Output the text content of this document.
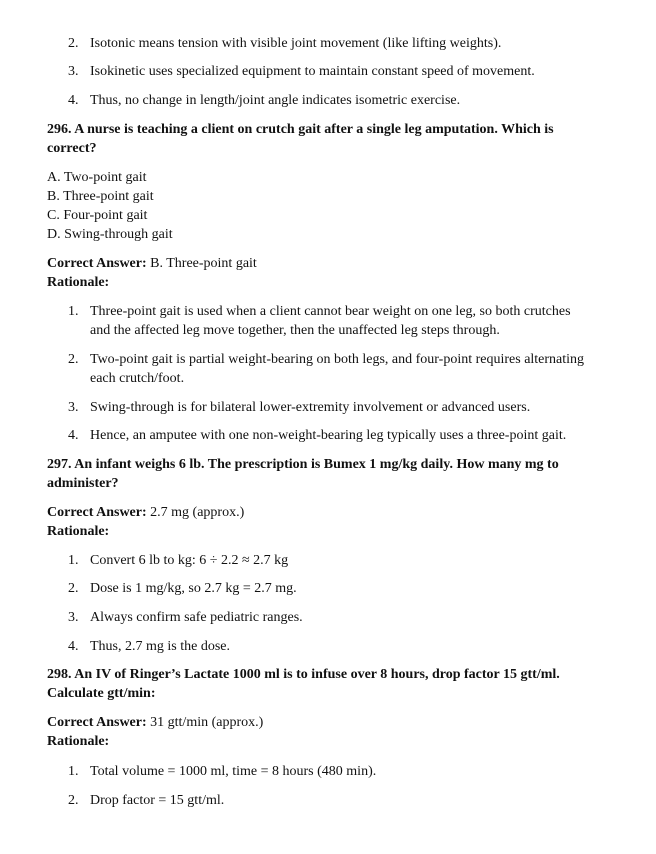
2. Isotonic means tension with visible joint movement (like lifting weights).
3. Isokinetic uses specialized equipment to maintain constant speed of movement.
4. Thus, no change in length/joint angle indicates isometric exercise.
296. A nurse is teaching a client on crutch gait after a single leg amputation. Which is
correct?
A. Two-point gait
B. Three-point gait
C. Four-point gait
D. Swing-through gait
Correct Answer: B. Three-point gait
Rationale:
1. Three-point gait is used when a client cannot bear weight on one leg, so both crutches
and the affected leg move together, then the unaffected leg steps through.
2. Two-point gait is partial weight-bearing on both legs, and four-point requires alternating
each crutch/foot.
3. Swing-through is for bilateral lower-extremity involvement or advanced users.
4. Hence, an amputee with one non-weight-bearing leg typically uses a three-point gait.
297. An infant weighs 6 lb. The prescription is Bumex 1 mg/kg daily. How many mg to
administer?
Correct Answer: 2.7 mg (approx.)
Rationale:
1. Convert 6 lb to kg: 6 ÷ 2.2 ≈ 2.7 kg
2. Dose is 1 mg/kg, so 2.7 kg = 2.7 mg.
3. Always confirm safe pediatric ranges.
4. Thus, 2.7 mg is the dose.
298. An IV of Ringer’s Lactate 1000 ml is to infuse over 8 hours, drop factor 15 gtt/ml.
Calculate gtt/min:
Correct Answer: 31 gtt/min (approx.)
Rationale:
1. Total volume = 1000 ml, time = 8 hours (480 min).
2. Drop factor = 15 gtt/ml.
